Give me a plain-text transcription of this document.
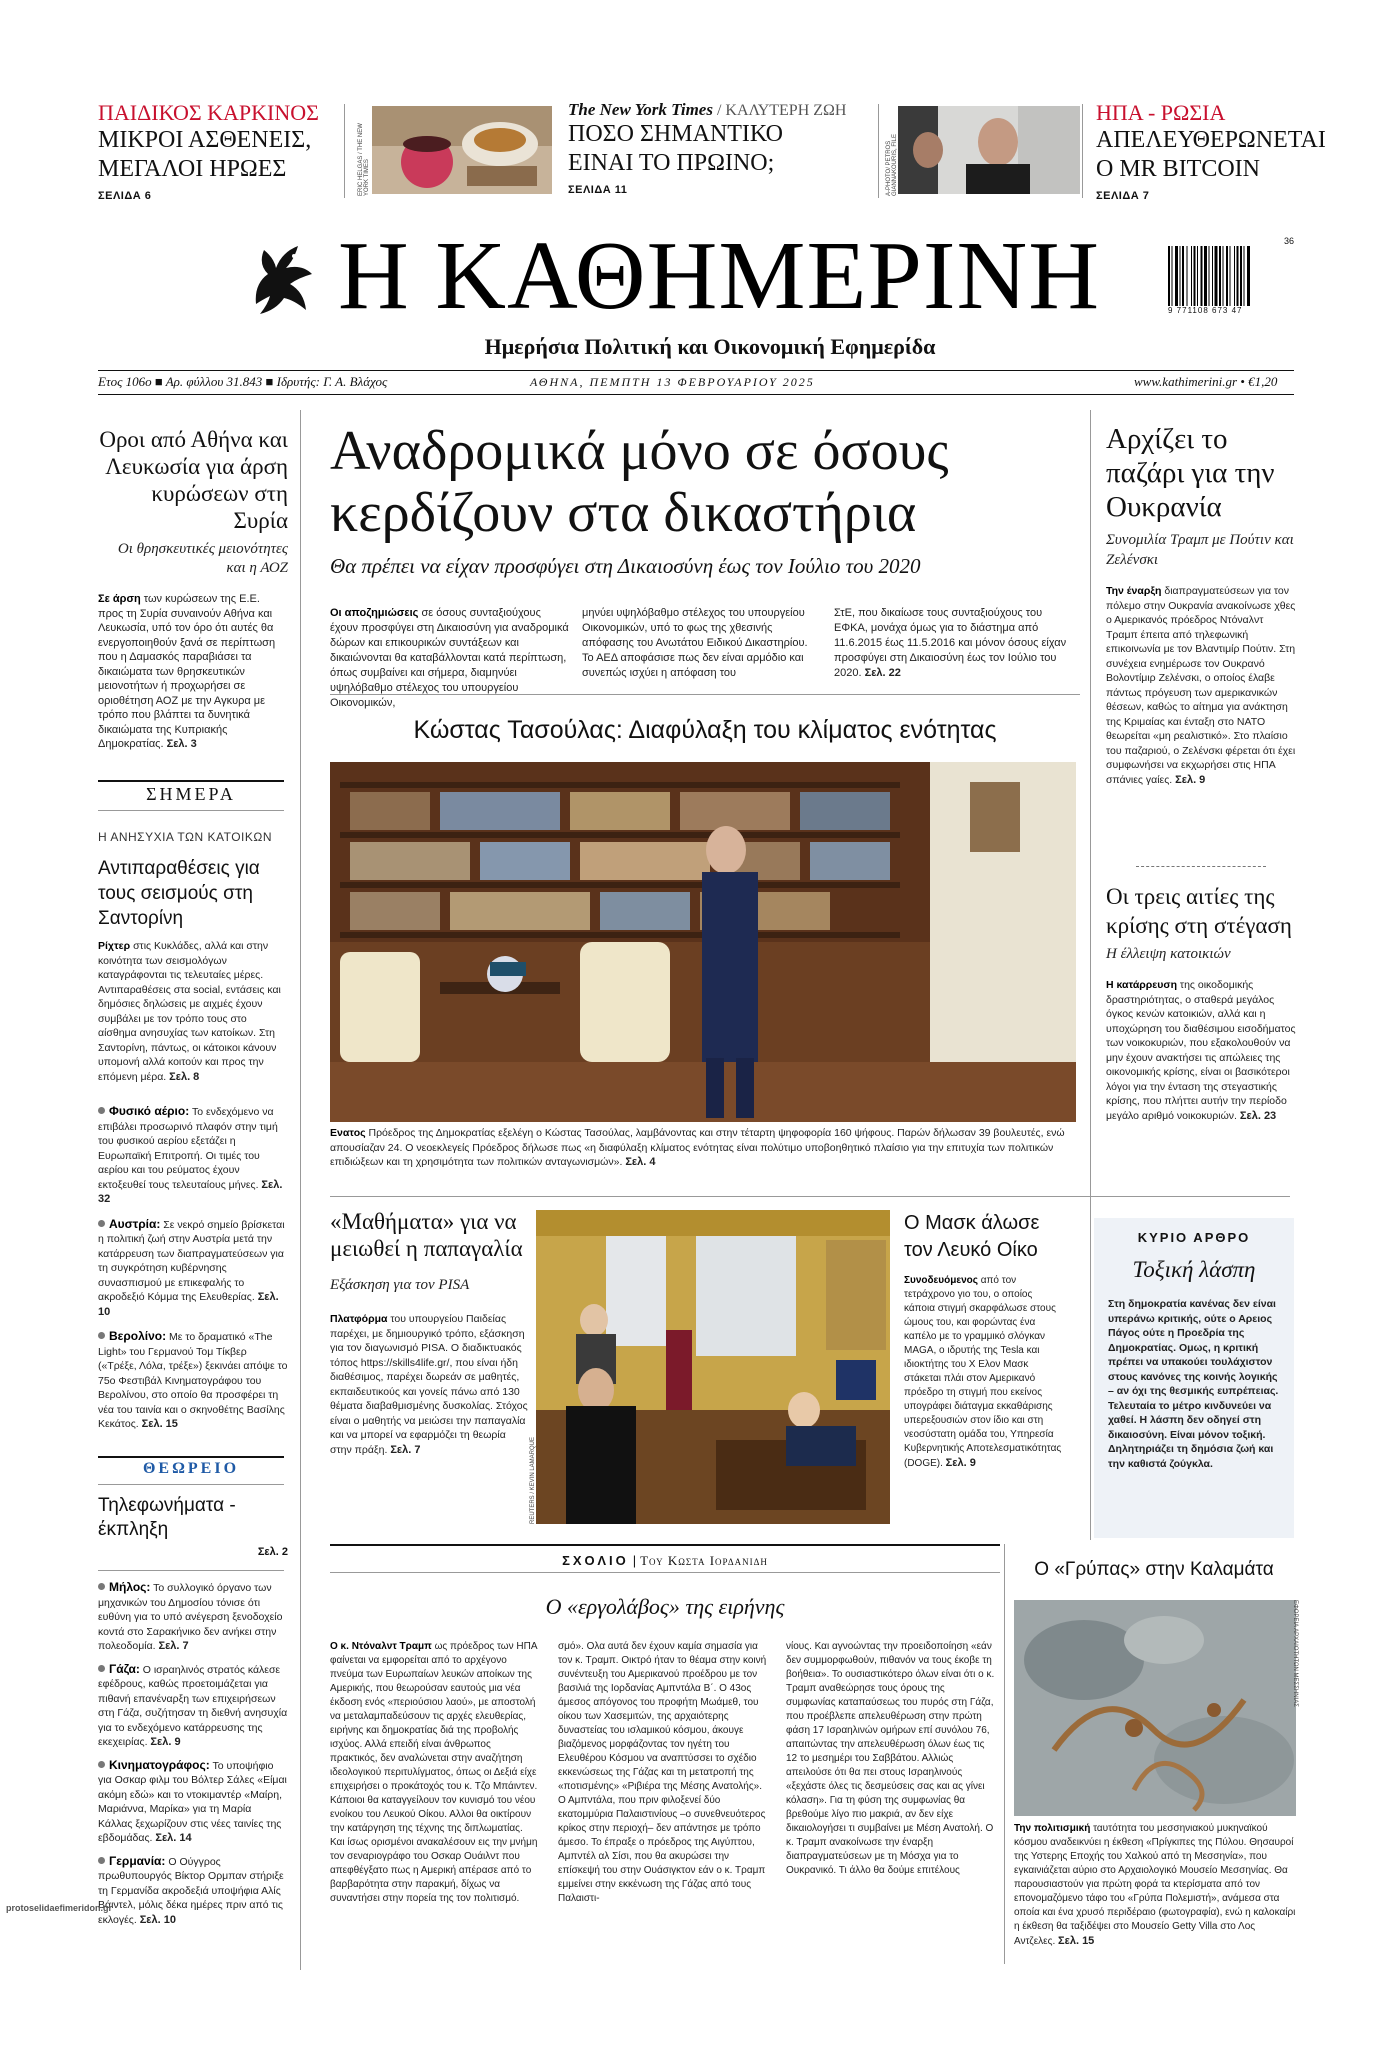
ΠΑΙΔΙΚΟΣ ΚΑΡΚΙΝΟΣ
ΜΙΚΡΟΙ ΑΣΘΕΝΕΙΣ,
ΜΕΓΑΛΟΙ ΗΡΩΕΣ
ΣΕΛΙΔΑ 6	ERIC HELGAS / THE NEW YORK TIMES
The New York Times / ΚΑΛΥΤΕΡΗ ΖΩΗ
ΠΟΣΟ ΣΗΜΑΝΤΙΚΟ
ΕΙΝΑΙ ΤΟ ΠΡΩΙΝΟ;
ΣΕΛΙΔΑ 11	A-PHOTO/ PETROS GIANNAKOURIS, FILE
ΗΠΑ - ΡΩΣΙΑ
ΑΠΕΛΕΥΘΕΡΩΝΕΤΑΙ
Ο MR BITCOIN
ΣΕΛΙΔΑ 7
Η ΚΑΘΗΜΕΡΙΝΗ
Ημερήσια Πολιτική και Οικονομική Εφημερίδα
36
9 771108 673 47
Ετος 106ο ■ Αρ. φύλλου 31.843 ■ Ιδρυτής: Γ. Α. Βλάχος	ΑΘΗΝΑ, ΠΕΜΠΤΗ 13 ΦΕΒΡΟΥΑΡΙΟΥ 2025	www.kathimerini.gr • €1,20
Οροι από Αθήνα και Λευκωσία για άρση κυρώσεων στη Συρία
Οι θρησκευτικές μειονότητες και η ΑΟΖ
Σε άρση των κυρώσεων της Ε.Ε. προς τη Συρία συναινούν Αθήνα και Λευκωσία, υπό τον όρο ότι αυτές θα ενεργοποιηθούν ξανά σε περίπτωση που η Δαμασκός παραβιάσει τα δικαιώματα των θρησκευτικών μειονοτήτων ή προχωρήσει σε οριοθέτηση ΑΟΖ με την Αγκυρα με τρόπο που βλάπτει τα δυνητικά δικαιώματα της Κυπριακής Δημοκρατίας. Σελ. 3
ΣΗΜΕΡΑ
Η ΑΝΗΣΥΧΙΑ ΤΩΝ ΚΑΤΟΙΚΩΝ
Αντιπαραθέσεις για τους σεισμούς στη Σαντορίνη
Ρίχτερ στις Κυκλάδες, αλλά και στην κοινότητα των σεισμολόγων καταγράφονται τις τελευταίες μέρες. Αντιπαραθέσεις στα social, εντάσεις και δημόσιες δηλώσεις με αιχμές έχουν συμβάλει με τον τρόπο τους στο αίσθημα ανησυχίας των κατοίκων. Στη Σαντορίνη, πάντως, οι κάτοικοι κάνουν υπομονή αλλά κοιτούν και προς την επόμενη μέρα. Σελ. 8
Φυσικό αέριο: Το ενδεχόμενο να επιβάλει προσωρινό πλαφόν στην τιμή του φυσικού αερίου εξετάζει η Ευρωπαϊκή Επιτροπή. Οι τιμές του αερίου και του ρεύματος έχουν εκτοξευθεί τους τελευταίους μήνες. Σελ. 32
Αυστρία: Σε νεκρό σημείο βρίσκεται η πολιτική ζωή στην Αυστρία μετά την κατάρρευση των διαπραγματεύσεων για τη συγκρότηση κυβέρνησης συνασπισμού με επικεφαλής το ακροδεξιό Κόμμα της Ελευθερίας. Σελ. 10
Βερολίνο: Με το δραματικό «The Light» του Γερμανού Τομ Τίκβερ («Τρέξε, Λόλα, τρέξε») ξεκινάει απόψε το 75ο Φεστιβάλ Κινηματογράφου του Βερολίνου, στο οποίο θα προσφέρει τη νέα του ταινία και ο σκηνοθέτης Βασίλης Κεκάτος. Σελ. 15
ΘΕΩΡΕΙΟ
Τηλεφωνήματα - έκπληξη
Σελ. 2
Μήλος: Το συλλογικό όργανο των μηχανικών του Δημοσίου τόνισε ότι ευθύνη για το υπό ανέγερση ξενοδοχείο κοντά στο Σαρακήνικο δεν ανήκει στην πολεοδομία. Σελ. 7
Γάζα: Ο ισραηλινός στρατός κάλεσε εφέδρους, καθώς προετοιμάζεται για πιθανή επανέναρξη των επιχειρήσεων στη Γάζα, συζήτησαν τη διεθνή ανησυχία για το ενδεχόμενο κατάρρευσης της εκεχειρίας. Σελ. 9
Κινηματογράφος: Το υποψήφιο για Οσκαρ φιλμ του Βόλτερ Σάλες «Είμαι ακόμη εδώ» και το ντοκιμαντέρ «Μαίρη, Μαριάννα, Μαρίκα» για τη Μαρία Κάλλας ξεχωρίζουν στις νέες ταινίες της εβδομάδας. Σελ. 14
Γερμανία: Ο Ούγγρος πρωθυπουργός Βίκτορ Ορμπαν στήριξε τη Γερμανίδα ακροδεξιά υποψήφια Αλίς Βάιντελ, μόλις δέκα ημέρες πριν από τις εκλογές. Σελ. 10
Αναδρομικά μόνο σε όσους
κερδίζουν στα δικαστήρια
Θα πρέπει να είχαν προσφύγει στη Δικαιοσύνη έως τον Ιούλιο του 2020
Οι αποζημιώσεις σε όσους συνταξιούχους έχουν προσφύγει στη Δικαιοσύνη για αναδρομικά δώρων και επικουρικών συντάξεων και δικαιώνονται θα καταβάλλονται κατά περίπτωση, όπως συμβαίνει και σήμερα, διαμηνύει υψηλόβαθμο στέλεχος του υπουργείου Οικονομικών,
μηνύει υψηλόβαθμο στέλεχος του υπουργείου Οικονομικών, υπό το φως της χθεσινής απόφασης του Ανωτάτου Ειδικού Δικαστηρίου. Το ΑΕΔ αποφάσισε πως δεν είναι αρμόδιο και συνεπώς ισχύει η απόφαση του
ΣτΕ, που δικαίωσε τους συνταξιούχους του ΕΦΚΑ, μονάχα όμως για το διάστημα από 11.6.2015 έως 11.5.2016 και μόνον όσους είχαν προσφύγει στη Δικαιοσύνη έως τον Ιούλιο του 2020. Σελ. 22
Κώστας Τασούλας: Διαφύλαξη του κλίματος ενότητας
Ενατος Πρόεδρος της Δημοκρατίας εξελέγη ο Κώστας Τασούλας, λαμβάνοντας και στην τέταρτη ψηφοφορία 160 ψήφους. Παρών δήλωσαν 39 βουλευτές, ενώ απουσίαζαν 24. Ο νεοεκλεγείς Πρόεδρος δήλωσε πως «η διαφύλαξη κλίματος ενότητας είναι πολύτιμο υποβοηθητικό πλαίσιο για την επιτυχία των πολιτικών επιδιώξεων και τη χρησιμότητα των πολιτικών ανταγωνισμών». Σελ. 4
Αρχίζει το παζάρι για την Ουκρανία
Συνομιλία Τραμπ με Πούτιν και Ζελένσκι
Την έναρξη διαπραγματεύσεων για τον πόλεμο στην Ουκρανία ανακοίνωσε χθες ο Αμερικανός πρόεδρος Ντόναλντ Τραμπ έπειτα από τηλεφωνική επικοινωνία με τον Βλαντιμίρ Πούτιν. Στη συνέχεια ενημέρωσε τον Ουκρανό Βολοντίμιρ Ζελένσκι, ο οποίος έλαβε πάντως πρόγευση των αμερικανικών θέσεων, καθώς το αίτημα για ανάκτηση της Κριμαίας και ένταξη στο ΝΑΤΟ θεωρείται «μη ρεαλιστικό». Στο πλαίσιο του παζαριού, ο Ζελένσκι φέρεται ότι έχει συμφωνήσει να εκχωρήσει στις ΗΠΑ σπάνιες γαίες. Σελ. 9
Οι τρεις αιτίες της κρίσης στη στέγαση
Η έλλειψη κατοικιών
Η κατάρρευση της οικοδομικής δραστηριότητας, ο σταθερά μεγάλος όγκος κενών κατοικιών, αλλά και η υποχώρηση του διαθέσιμου εισοδήματος των νοικοκυριών, που εξακολουθούν να μην έχουν ανακτήσει τις απώλειες της οικονομικής κρίσης, είναι οι βασικότεροι λόγοι για την ένταση της στεγαστικής κρίσης, που πλήττει αυτήν την περίοδο μεγάλο αριθμό νοικοκυριών. Σελ. 23
«Μαθήματα» για να μειωθεί η παπαγαλία
Εξάσκηση για τον PISA
Πλατφόρμα του υπουργείου Παιδείας παρέχει, με δημιουργικό τρόπο, εξάσκηση για τον διαγωνισμό PISA. Ο διαδικτυακός τόπος https://skills4life.gr/, που είναι ήδη διαθέσιμος, παρέχει δωρεάν σε μαθητές, εκπαιδευτικούς και γονείς πάνω από 130 θέματα διαβαθμισμένης δυσκολίας. Στόχος είναι ο μαθητής να μειώσει την παπαγαλία και να μπορεί να εφαρμόζει τη θεωρία στην πράξη. Σελ. 7	REUTERS / KEVIN LAMARQUE
Ο Μασκ άλωσε τον Λευκό Οίκο
Συνοδευόμενος από τον τετράχρονο γιο του, ο οποίος κάποια στιγμή σκαρφάλωσε στους ώμους του, και φορώντας ένα καπέλο με το γραμμικό σλόγκαν MAGA, ο ιδρυτής της Tesla και ιδιοκτήτης του X Ελον Μασκ στάκεται πλάι στον Αμερικανό πρόεδρο τη στιγμή που εκείνος υπογράφει διάταγμα εκκαθάρισης υπερεξουσιών στον ίδιο και στη νεοσύστατη ομάδα του, Υπηρεσία Κυβερνητικής Αποτελεσματικότητας (DOGE). Σελ. 9
ΚΥΡΙΟ ΑΡΘΡΟ
Τοξική λάσπη
Στη δημοκρατία κανένας δεν είναι υπεράνω κριτικής, ούτε ο Αρειος Πάγος ούτε η Προεδρία της Δημοκρατίας. Ομως, η κριτική πρέπει να υπακούει τουλάχιστον στους κανόνες της κοινής λογικής – αν όχι της θεσμικής ευπρέπειας. Τελευταία το μέτρο κινδυνεύει να χαθεί. Η λάσπη δεν οδηγεί στη δικαιοσύνη. Είναι μόνον τοξική. Δηλητηριάζει τη δημόσια ζωή και την καθιστά ζούγκλα.
ΣΧΟΛΙΟ | Του Κωστα Ιορδανιδη
Ο «εργολάβος» της ειρήνης
Ο κ. Ντόναλντ Τραμπ ως πρόεδρος των ΗΠΑ φαίνεται να εμφορείται από το αρχέγονο πνεύμα των Ευρωπαίων λευκών αποίκων της Αμερικής, που θεωρούσαν εαυτούς μια νέα έκδοση ενός «περιούσιου λαού», με αποστολή να μεταλαμπαδεύσουν τις αρχές ελευθερίας, ειρήνης και δημοκρατίας διά της προβολής ισχύος. Αλλά επειδή είναι άνθρωπος πρακτικός, δεν αναλώνεται στην αναζήτηση ιδεολογικού περιτυλίγματος, όπως οι Δεξιά είχε επιχειρήσει ο προκάτοχός του κ. Τζο Μπάιντεν. Κάποιοι θα καταγγείλουν τον κυνισμό του νέου ενοίκου του Λευκού Οίκου. Αλλοι θα οικτίρουν την κατάργηση της τέχνης της διπλωματίας. Και ίσως ορισμένοι ανακαλέσουν εις την μνήμη τον σεναριογράφο του Οσκαρ Ουάιλντ που απεφθέγξατο πως η Αμερική απέρασε από το βαρβαρότητα στην παρακμή, δίχως να συναντήσει στην πορεία της τον πολιτισμό.
σμό». Ολα αυτά δεν έχουν καμία σημασία για τον κ. Τραμπ. Οικτρό ήταν το θέαμα στην κοινή συνέντευξη του Αμερικανού προέδρου με τον βασιλιά της Ιορδανίας Αμπντάλα Β΄. Ο 43ος άμεσος απόγονος του προφήτη Μωάμεθ, του οίκου των Χασεμιτών, της αρχαιότερης δυναστείας του ισλαμικού κόσμου, άκουγε βιαζόμενος μορφάζοντας τον ηγέτη του Ελευθέρου Κόσμου να αναπτύσσει το σχέδιο εκκενώσεως της Γάζας και τη μετατροπή της «ποτισμένης» «Ριβιέρα της Μέσης Ανατολής». Ο Αμπντάλα, που πριν φιλοξενεί δύο εκατομμύρια Παλαιστινίους –ο συνεθνευότερος κρίκος στην περιοχή– δεν απάντησε με τρόπο άμεσο. Το έπραξε ο πρόεδρος της Αιγύπτου, Αμπντέλ αλ Σίσι, που θα ακυρώσει την επίσκεψή του στην Ουάσιγκτον εάν ο κ. Τραμπ εμμείνει στην εκκένωση της Γάζας από τους Παλαιστι-
νίους. Και αγνοώντας την προειδοποίηση «εάν δεν συμμορφωθούν, πιθανόν να τους έκοβε τη βοήθεια». Το ουσιαστικότερο όλων είναι ότι ο κ. Τραμπ αναθεώρησε τους όρους της συμφωνίας καταπαύσεως του πυρός στη Γάζα, που προέβλεπε απελευθέρωση στην πρώτη φάση 17 Ισραηλινών ομήρων επί συνόλου 76, απαιτώντας την απελευθέρωση όλων έως τις 12 το μεσημέρι του Σαββάτου. Αλλιώς απειλούσε ότι θα πει στους Ισραηλινούς «ξεχάστε όλες τις δεσμεύσεις σας και ας γίνει κόλαση». Για τη φύση της συμφωνίας θα βρεθούμε λίγο πιο μακριά, αν δεν είχε δικαιολογήσει τι συμβαίνει με Μέση Ανατολή. Ο κ. Τραμπ ανακοίνωσε την έναρξη διαπραγματεύσεων με τη Μόσχα για το Ουκρανικό. Τι άλλο θα δούμε επιτέλους
Ο «Γρύπας» στην Καλαμάτα
ΕΦΟΡΕΙΑ ΑΡΧΑΙΟΤΗΤΩΝ ΜΕΣΣΗΝΙΑΣ
Την πολιτισμική ταυτότητα του μεσσηνιακού μυκηναϊκού κόσμου αναδεικνύει η έκθεση «Πρίγκιπες της Πύλου. Θησαυροί της Υστερης Εποχής του Χαλκού από τη Μεσσηνία», που εγκαινιάζεται αύριο στο Αρχαιολογικό Μουσείο Μεσσηνίας. Θα παρουσιαστούν για πρώτη φορά τα κτερίσματα από τον επονομαζόμενο τάφο του «Γρύπα Πολεμιστή», ανάμεσα στα οποία και ένα χρυσό περιδέραιο (φωτογραφία), ενώ η καλοκαίρι η έκθεση θα ταξιδέψει στο Μουσείο Getty Villa στο Λος Αντζελες. Σελ. 15
protoselidaefimeridon.gr
